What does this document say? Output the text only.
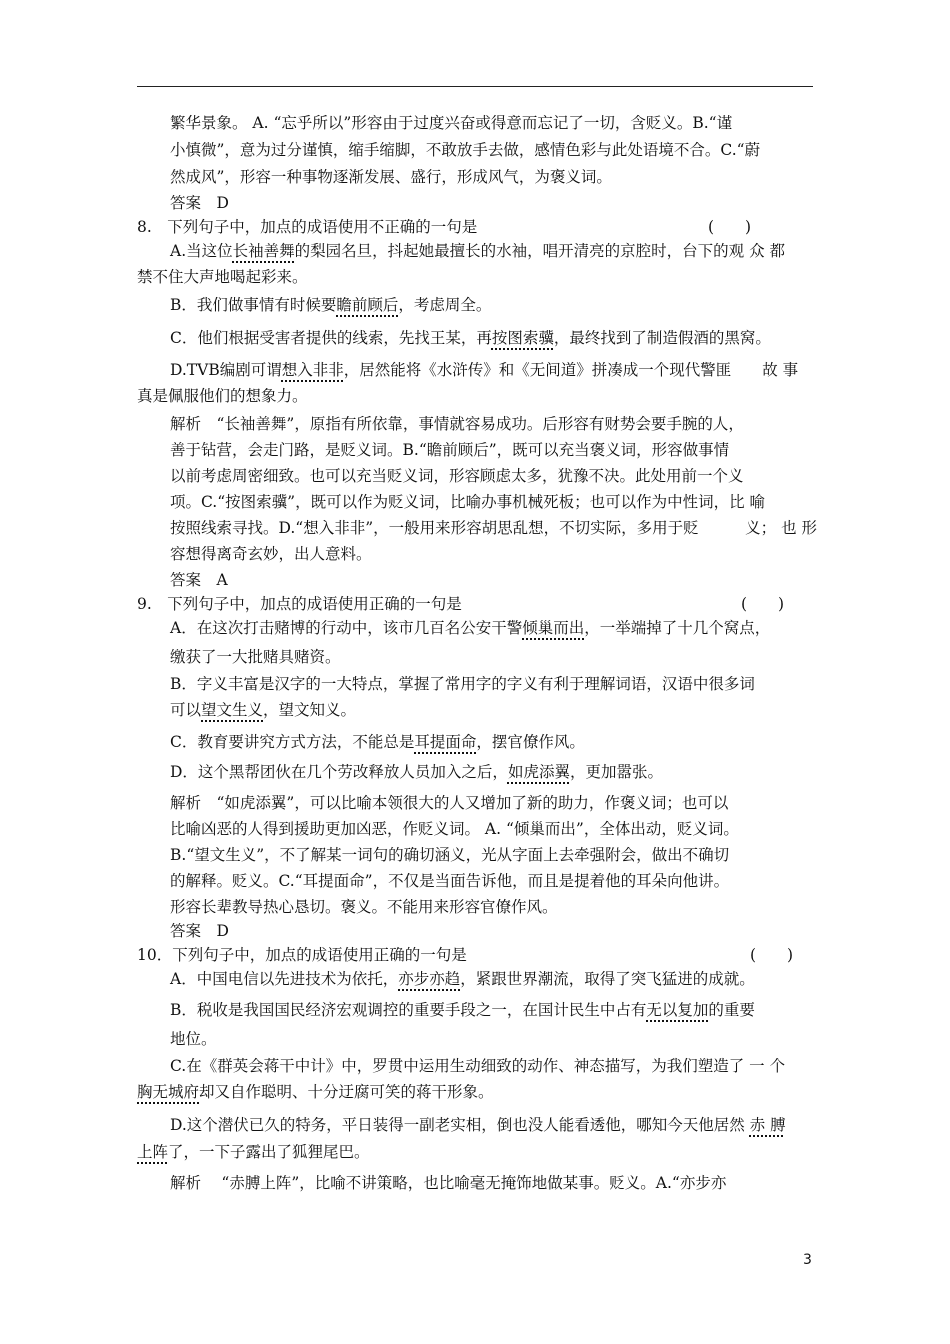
繁华景象。 A. “忘乎所以”形容由于过度兴奋或得意而忘记了一切，含贬义。B.“谨
小慎微”，意为过分谨慎，缩手缩脚，不敢放手去做，感情色彩与此处语境不合。C.“蔚
然成风”，形容一种事物逐渐发展、盛行，形成风气，为褒义词。
答案　D
8.　下列句子中，加点的成语使用不正确的一句是
A.当这位长袖善舞的梨园名旦，抖起她最擅长的水袖，唱开清亮的京腔时，台下的观 众 都
禁不住大声地喝起彩来。
B．我们做事情有时候要瞻前顾后，考虑周全。
C．他们根据受害者提供的线索，先找王某，再按图索骥，最终找到了制造假酒的黑窝。
D.TVB编剧可谓想入非非，居然能将《水浒传》和《无间道》拼凑成一个现代警匪　　故 事
真是佩服他们的想象力。
解析　“长袖善舞”，原指有所依靠，事情就容易成功。后形容有财势会要手腕的人，
善于钻营，会走门路，是贬义词。B.“瞻前顾后”，既可以充当褒义词，形容做事情
以前考虑周密细致。也可以充当贬义词，形容顾虑太多，犹豫不决。此处用前一个义
项。C.“按图索骥”，既可以作为贬义词，比喻办事机械死板；也可以作为中性词，比 喻
按照线索寻找。D.“想入非非”，一般用来形容胡思乱想，不切实际，多用于贬　　　义； 也 形
容想得离奇玄妙，出人意料。
答案　A
9.　下列句子中，加点的成语使用正确的一句是
A．在这次打击赌博的行动中，该市几百名公安干警倾巢而出，一举端掉了十几个窝点，
缴获了一大批赌具赌资。
B．字义丰富是汉字的一大特点，掌握了常用字的字义有利于理解词语，汉语中很多词
可以望文生义，望文知义。
C．教育要讲究方式方法，不能总是耳提面命，摆官僚作风。
D．这个黑帮团伙在几个劳改释放人员加入之后，如虎添翼，更加嚣张。
解析　“如虎添翼”，可以比喻本领很大的人又增加了新的助力，作褒义词；也可以
比喻凶恶的人得到援助更加凶恶，作贬义词。 A. “倾巢而出”，全体出动，贬义词。
B.“望文生义”，不了解某一词句的确切涵义，光从字面上去牵强附会，做出不确切
的解释。贬义。C.“耳提面命”，不仅是当面告诉他，而且是提着他的耳朵向他讲。
形容长辈教导热心恳切。褒义。不能用来形容官僚作风。
答案　D
10．下列句子中，加点的成语使用正确的一句是
A．中国电信以先进技术为依托，亦步亦趋，紧跟世界潮流，取得了突飞猛进的成就。
B．税收是我国国民经济宏观调控的重要手段之一，在国计民生中占有无以复加的重要
地位。
C.在《群英会蒋干中计》中，罗贯中运用生动细致的动作、神态描写，为我们塑造了 一 个
胸无城府却又自作聪明、十分迂腐可笑的蒋干形象。
D.这个潜伏已久的特务，平日装得一副老实相，倒也没人能看透他，哪知今天他居然 赤 膊
上阵了，一下子露出了狐狸尾巴。
解析　 “赤膊上阵”，比喻不讲策略，也比喻毫无掩饰地做某事。贬义。A.“亦步亦
(　　)
(　　)
(　　)
3
